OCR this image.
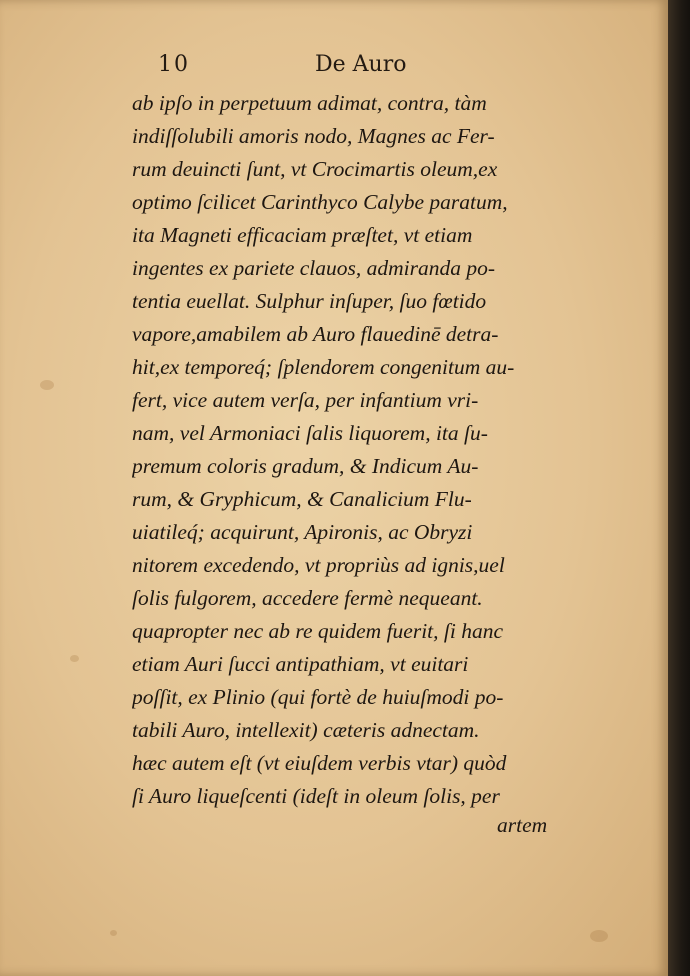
10	De Auro
ab ipſo in perpetuum adimat, contra, tàm
indiſſolubili amoris nodo, Magnes ac Fer-
rum deuincti ſunt, vt Crocimartis oleum,ex
optimo ſcilicet Carinthyco Calybe paratum,
ita Magneti efficaciam præſtet, vt etiam
ingentes ex pariete clauos, admiranda po-
tentia euellat. Sulphur inſuper, ſuo fœtido
vapore,amabilem ab Auro flauedinē detra-
hit,ex temporeq́; ſplendorem congenitum au-
fert, vice autem verſa, per infantium vri-
nam, vel Armoniaci ſalis liquorem, ita ſu-
premum coloris gradum, & Indicum Au-
rum, & Gryphicum, & Canalicium Flu-
uiatileq́; acquirunt, Apironis, ac Obryzi
nitorem excedendo, vt propriùs ad ignis,uel
ſolis fulgorem, accedere fermè nequeant.
quapropter nec ab re quidem fuerit, ſi hanc
etiam Auri ſucci antipathiam, vt euitari
poſſit, ex Plinio (qui fortè de huiuſmodi po-
tabili Auro, intellexit) cæteris adnectam.
hæc autem eſt (vt eiuſdem verbis vtar) quòd
ſi Auro liqueſcenti (ideſt in oleum ſolis, per
artem
